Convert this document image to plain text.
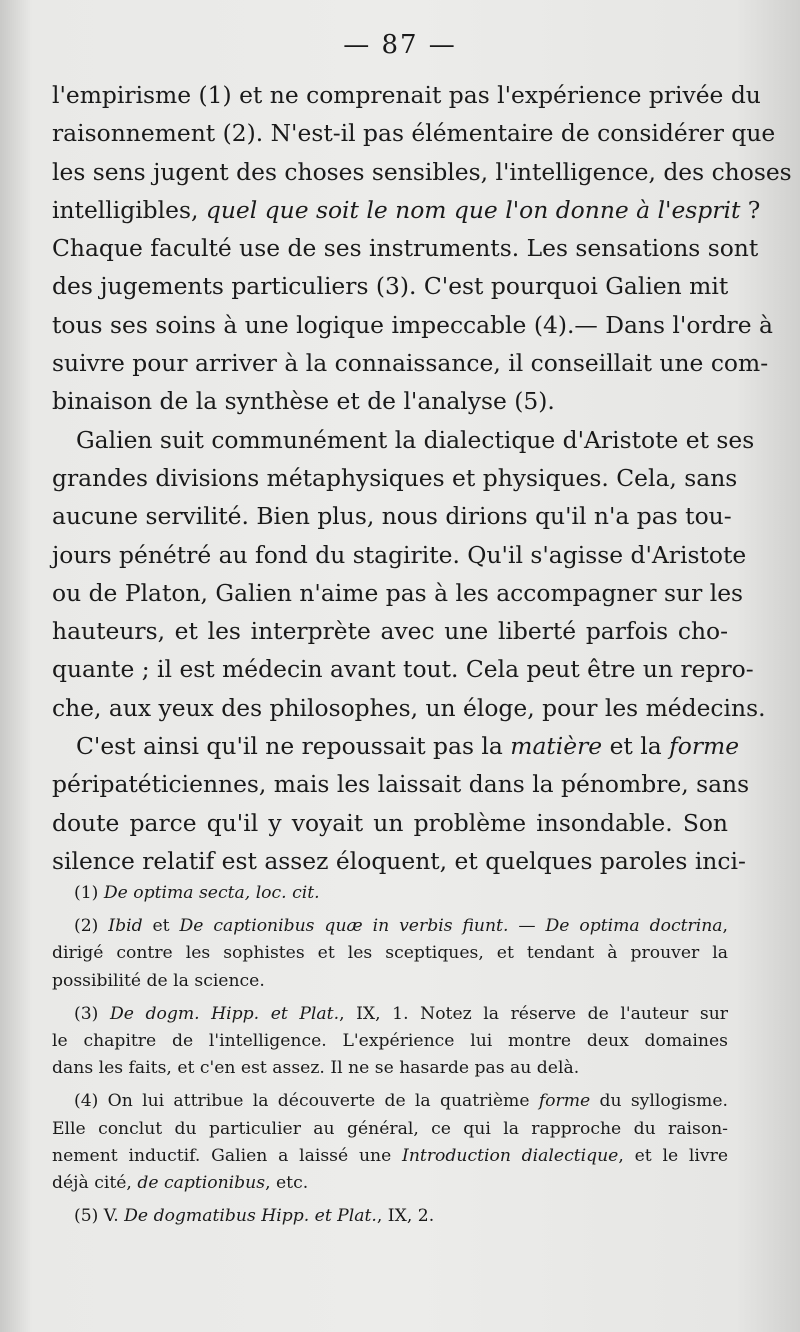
— 87 —
l'empirisme (1) et ne comprenait pas l'expérience privée du
raisonnement (2). N'est-il pas élémentaire de considérer que
les sens jugent des choses sensibles, l'intelligence, des choses
intelligibles, quel que soit le nom que l'on donne à l'esprit ?
Chaque faculté use de ses instruments. Les sensations sont
des jugements particuliers (3). C'est pourquoi Galien mit
tous ses soins à une logique impeccable (4).— Dans l'ordre à
suivre pour arriver à la connaissance, il conseillait une com-
binaison de la synthèse et de l'analyse (5).
Galien suit communément la dialectique d'Aristote et ses
grandes divisions métaphysiques et physiques. Cela, sans
aucune servilité. Bien plus, nous dirions qu'il n'a pas tou-
jours pénétré au fond du stagirite. Qu'il s'agisse d'Aristote
ou de Platon, Galien n'aime pas à les accompagner sur les
hauteurs, et les interprète avec une liberté parfois cho-
quante ; il est médecin avant tout. Cela peut être un repro-
che, aux yeux des philosophes, un éloge, pour les médecins.
C'est ainsi qu'il ne repoussait pas la matière et la forme
péripatéticiennes, mais les laissait dans la pénombre, sans
doute parce qu'il y voyait un problème insondable. Son
silence relatif est assez éloquent, et quelques paroles inci-
(1) De optima secta, loc. cit.
(2) Ibid et De captionibus quæ in verbis fiunt. — De optima doctrina,
dirigé contre les sophistes et les sceptiques, et tendant à prouver la
possibilité de la science.
(3) De dogm. Hipp. et Plat., IX, 1. Notez la réserve de l'auteur sur
le chapitre de l'intelligence. L'expérience lui montre deux domaines
dans les faits, et c'en est assez. Il ne se hasarde pas au delà.
(4) On lui attribue la découverte de la quatrième forme du syllogisme.
Elle conclut du particulier au général, ce qui la rapproche du raison-
nement inductif. Galien a laissé une Introduction dialectique, et le livre
déjà cité, de captionibus, etc.
(5) V. De dogmatibus Hipp. et Plat., IX, 2.
